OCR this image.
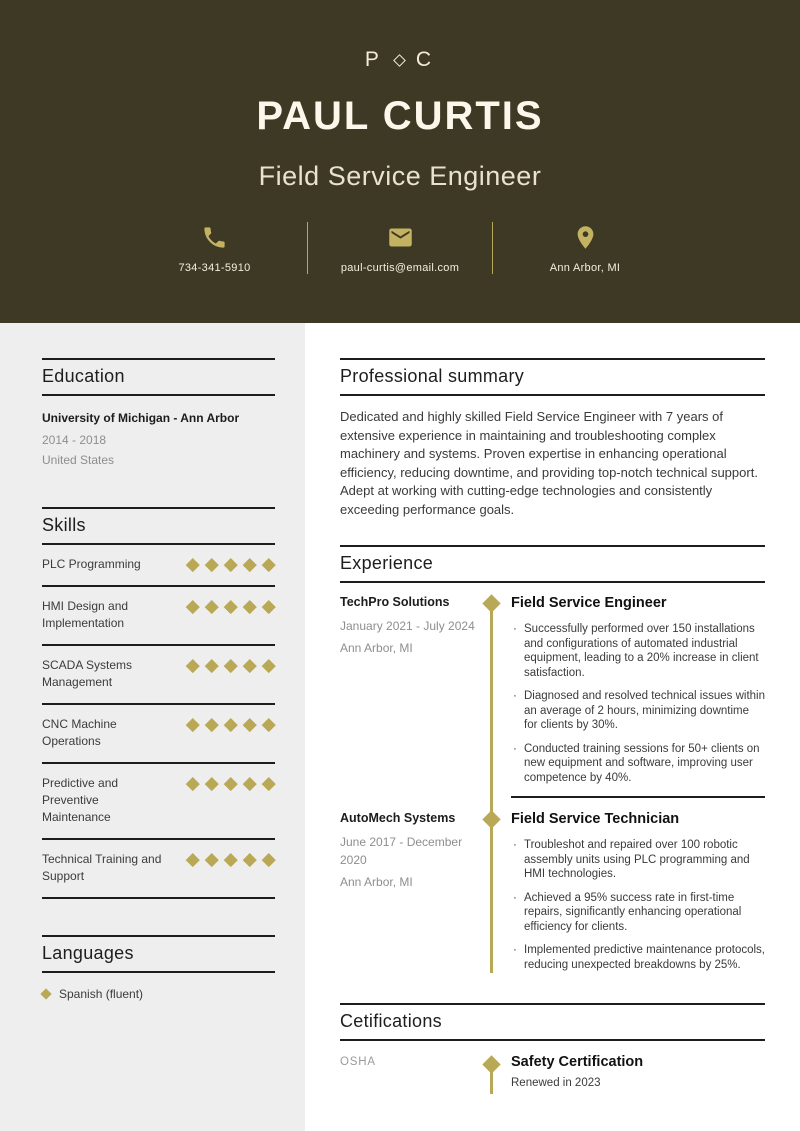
P C
PAUL CURTIS
Field Service Engineer
734-341-5910	paul-curtis@email.com	Ann Arbor, MI
Education
University of Michigan - Ann Arbor
2014 - 2018
United States
Skills
PLC Programming
HMI Design and Implementation
SCADA Systems Management
CNC Machine Operations
Predictive and Preventive Maintenance
Technical Training and Support
Languages
Spanish (fluent)
Professional summary

Dedicated and highly skilled Field Service Engineer with 7 years of extensive experience in maintaining and troubleshooting complex machinery and systems. Proven expertise in enhancing operational efficiency, reducing downtime, and providing top-notch technical support. Adept at working with cutting-edge technologies and consistently exceeding performance goals.

Experience
TechPro Solutions
January 2021 - July 2024
Ann Arbor, MI
Field Service Engineer
· Successfully performed over 150 installations and configurations of automated industrial equipment, leading to a 20% increase in client satisfaction.
· Diagnosed and resolved technical issues within an average of 2 hours, minimizing downtime for clients by 30%.
· Conducted training sessions for 50+ clients on new equipment and software, improving user competence by 40%.
AutoMech Systems
June 2017 - December 2020
Ann Arbor, MI
Field Service Technician
· Troubleshot and repaired over 100 robotic assembly units using PLC programming and HMI technologies.
· Achieved a 95% success rate in first-time repairs, significantly enhancing operational efficiency for clients.
· Implemented predictive maintenance protocols, reducing unexpected breakdowns by 25%.
Cetifications
OSHA	Safety Certification
Renewed in 2023
